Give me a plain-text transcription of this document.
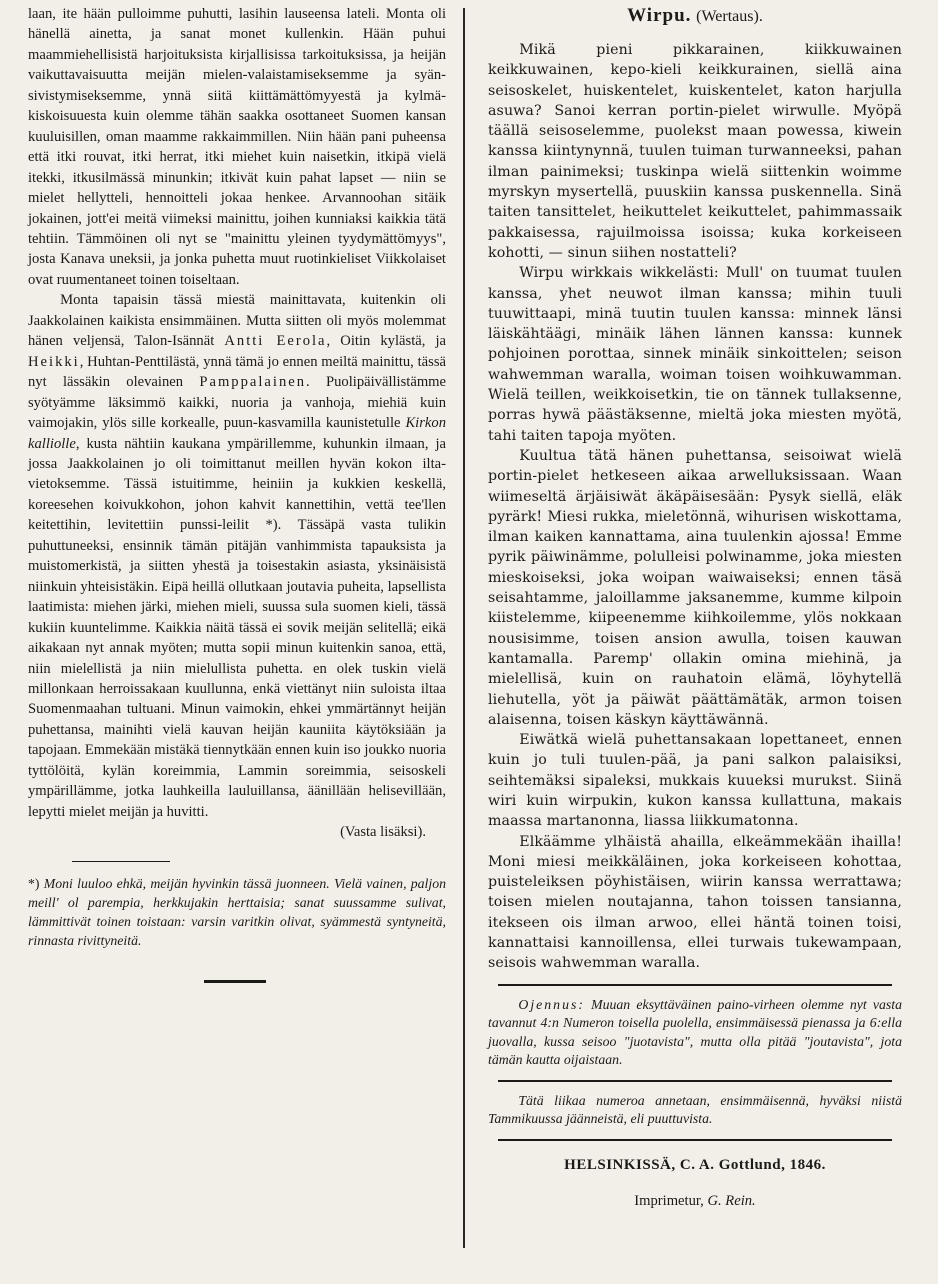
laan, ite hään pulloimme puhutti, lasihin lauseensa lateli. Monta oli hänellä ainetta, ja sanat monet kullenkin. Hään puhui maammiehellisistä harjoituksista kirjallisissa tarkoituksissa, ja heijän vaikuttavaisuutta meijän mielen-valaistamiseksemme ja syän-sivistymiseksemme, ynnä siitä kiittämättömyyestä ja kylmä-kiskoisuuesta kuin olemme tähän saakka osottaneet Suomen kansan kuuluisillen, oman maamme rakkaimmillen. Niin hään pani puheensa että itki rouvat, itki herrat, itki miehet kuin naisetkin, itkipä vielä itekki, itkusilmässä minunkin; itkivät kuin pahat lapset — niin se mielet hellytteli, hennoitteli jokaa henkee. Arvannoohan sitäik jokainen, jott'ei meitä viimeksi mainittu, joihen kunniaksi kaikkia tätä tehtiin. Tämmöinen oli nyt se "mainittu yleinen tyydymättömyys", josta Kanava uneksii, ja jonka puhetta muut ruotinkieliset Viikkolaiset ovat ruumentaneet toinen toiseltaan.

Monta tapaisin tässä miestä mainittavata, kuitenkin oli Jaakkolainen kaikista ensimmäinen. Mutta siitten oli myös molemmat hänen veljensä, Talon-Isännät Antti Eerola, Oitin kylästä, ja Heikki, Huhtan-Penttilästä, ynnä tämä jo ennen meiltä mainittu, tässä nyt lässäkin olevainen Pamppalainen. Puolipäivällistämme syötyämme läksimmö kaikki, nuoria ja vanhoja, miehiä kuin vaimojakin, ylös sille korkealle, puun-kasvamilla kaunistetulle Kirkon kalliolle, kusta nähtiin kaukana ympärillemme, kuhunkin ilmaan, ja jossa Jaakkolainen jo oli toimittanut meillen hyvän kokon ilta-vietoksemme. Tässä istuitimme, heiniin ja kukkien keskellä, koreesehen koivukkohon, johon kahvit kannettihin, vettä tee'llen keitettihin, levitettiin punssi-leilit *). Tässäpä vasta tulikin puhuttuneeksi, ensinnik tämän pitäjän vanhimmista tapauksista ja muistomerkistä, ja siitten yhestä ja toisestakin asiasta, yksinäisistä niinkuin yhteisistäkin. Eipä heillä ollutkaan joutavia puheita, lapsellista laatimista: miehen järki, miehen mieli, suussa sula suomen kieli, tässä kukiin kuuntelimme. Kaikkia näitä tässä ei sovik meijän selitellä; eikä aikakaan nyt annak myöten; mutta sopii minun kuitenkin sanoa, että, niin mielellistä ja niin mielullista puhetta. en olek tuskin vielä millonkaan herroissakaan kuullunna, enkä viettänyt niin suloista iltaa Suomenmaahan tultuani. Minun vaimokin, ehkei ymmärtännyt heijän puhettansa, mainihti vielä kauvan heijän kauniita käytöksiään ja tapojaan. Emmekään mistäkä tiennytkään ennen kuin iso joukko nuoria tyttölöitä, kylän koreimmia, Lammin soreimmia, seisoskeli ympärillämme, jotka lauhkeilla lauluillansa, äänillään helisevillään, lepytti mielet meijän ja huvitti.

(Vasta lisäksi).

*) Moni luuloo ehkä, meijän hyvinkin tässä juonneen. Vielä vainen, paljon meill' ol parempia, herkkujakin herttaisia; sanat suussamme sulivat, lämmittivät toinen toistaan: varsin varitkin olivat, syämmestä syntyneitä, rinnasta rivittyneitä.

Wirpu. (Wertaus).

Mikä pieni pikkarainen, kiikkuwainen keikkuwainen, kepo-kieli keikkurainen, siellä aina seisoskelet, huiskentelet, kuiskentelet, katon harjulla asuwa? Sanoi kerran portin-pielet wirwulle. Myöpä täällä seisoselemme, puolekst maan powessa, kiwein kanssa kiintynynnä, tuulen tuiman turwanneeksi, pahan ilman painimeksi; tuskinpa wielä siittenkin woimme myrskyn mysertellä, puuskiin kanssa puskennella. Sinä taiten tansittelet, heikuttelet keikuttelet, pahimmassaik pakkaisessa, rajuilmoissa isoissa; kuka korkeiseen kohotti, — sinun siihen nostatteli?

Wirpu wirkkais wikkelästi: Mull' on tuumat tuulen kanssa, yhet neuwot ilman kanssa; mihin tuuli tuuwittaapi, minä tuutin tuulen kanssa: minnek länsi läiskähtäägi, minäik lähen lännen kanssa: kunnek pohjoinen porottaa, sinnek minäik sinkoittelen; seison wahwemman waralla, woiman toisen woihkuwamman. Wielä teillen, weikkoisetkin, tie on tännek tullaksenne, porras hywä päästäksenne, mieltä joka miesten myötä, tahi taiten tapoja myöten.

Kuultua tätä hänen puhettansa, seisoiwat wielä portin-pielet hetkeseen aikaa arwelluksissaan. Waan wiimeseltä ärjäisiwät äkäpäisesään: Pysyk siellä, eläk pyrärk! Miesi rukka, mieletönnä, wihurisen wiskottama, ilman kaiken kannattama, aina tuulenkin ajossa! Emme pyrik päiwinämme, polulleisi polwinamme, joka miesten mieskoiseksi, joka woipan waiwaiseksi; ennen täsä seisahtamme, jaloillamme jaksanemme, kumme kilpoin kiistelemme, kiipeenemme kiihkoilemme, ylös nokkaan nousisimme, toisen ansion awulla, toisen kauwan kantamalla. Paremp' ollakin omina miehinä, ja mielellisä, kuin on rauhatoin elämä, löyhytellä liehutella, yöt ja päiwät päättämätäk, armon toisen alaisenna, toisen käskyn käyttäwännä.

Eiwätkä wielä puhettansakaan lopettaneet, ennen kuin jo tuli tuulen-pää, ja pani salkon palaisiksi, seihtemäksi sipaleksi, mukkais kuueksi murukst. Siinä wiri kuin wirpukin, kukon kanssa kullattuna, makais maassa martanonna, liassa liikkumatonna.

Elkäämme ylhäistä ahailla, elkeämmekään ihailla! Moni miesi meikkäläinen, joka korkeiseen kohottaa, puisteleiksen pöyhistäisen, wiirin kanssa werrattawa; toisen mielen noutajanna, tahon toissen tansianna, itekseen ois ilman arwoo, ellei häntä toinen toisi, kannattaisi kannoillensa, ellei turwais tukewampaan, seisois wahwemman waralla.

Ojennus: Muuan eksyttäväinen paino-virheen olemme nyt vasta tavannut 4:n Numeron toisella puolella, ensimmäisessä pienassa ja 6:ella juovalla, kussa seisoo "juotavista", mutta olla pitää "joutavista", jota tämän kautta oijaistaan.

Tätä liikaa numeroa annetaan, ensimmäisennä, hyväksi niistä Tammikuussa jäänneistä, eli puuttuvista.

HELSINKISSÄ, C. A. Gottlund, 1846.
Imprimetur, G. Rein.
